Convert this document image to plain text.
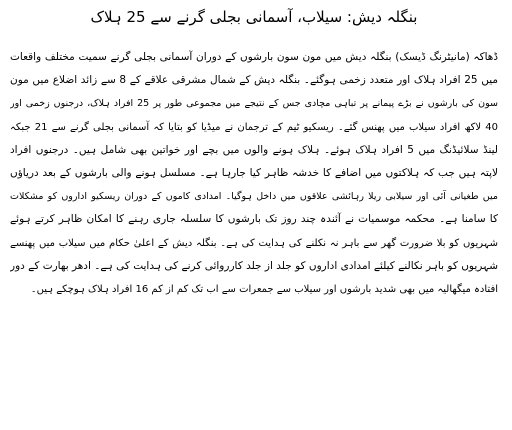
بنگلہ دیش: سیلاب، آسمانی بجلی گرنے سے 25 ہلاک
ڈھاکہ (مانیٹرنگ ڈیسک) بنگلہ دیش میں مون سون بارشوں کے دوران آسمانی بجلی گرنے سمیت مختلف واقعات
میں 25 افراد ہلاک اور متعدد زخمی ہوگئے۔ بنگلہ دیش کے شمال مشرقی علاقے کے 8 سے زائد اضلاع میں مون
سون کی بارشوں نے بڑے پیمانے پر تباہی مچادی جس کے نتیجے میں مجموعی طور پر 25 افراد ہلاک، درجنوں زخمی اور
40 لاکھ افراد سیلاب میں پھنس گئے۔ ریسکیو ٹیم کے ترجمان نے میڈیا کو بتایا کہ آسمانی بجلی گرنے سے 21 جبکہ
لینڈ سلائیڈنگ میں 5 افراد ہلاک ہوئے۔ ہلاک ہونے والوں میں بچے اور خواتین بھی شامل ہیں۔ درجنوں افراد
لاپتہ ہیں جب کہ ہلاکتوں میں اضافے کا خدشہ ظاہر کیا جارہا ہے۔ مسلسل ہونے والی بارشوں کے بعد دریاؤں
میں طغیانی آئی اور سیلابی ریلا رہائشی علاقوں میں داخل ہوگیا۔ امدادی کاموں کے دوران ریسکیو اداروں کو مشکلات
کا سامنا ہے۔ محکمہ موسمیات نے آئندہ چند روز تک بارشوں کا سلسلہ جاری رہنے کا امکان ظاہر کرتے ہوئے
شہریوں کو بلا ضرورت گھر سے باہر نہ نکلنے کی ہدایت کی ہے۔ بنگلہ دیش کے اعلیٰ حکام میں سیلاب میں پھنسے
شہریوں کو باہر نکالنے کیلئے امدادی اداروں کو جلد از جلد کارروائی کرنے کی ہدایت کی ہے۔ ادھر بھارت کے دور
افتادہ میگھالیہ میں بھی شدید بارشوں اور سیلاب سے جمعرات سے اب تک کم از کم 16 افراد ہلاک ہوچکے ہیں۔
